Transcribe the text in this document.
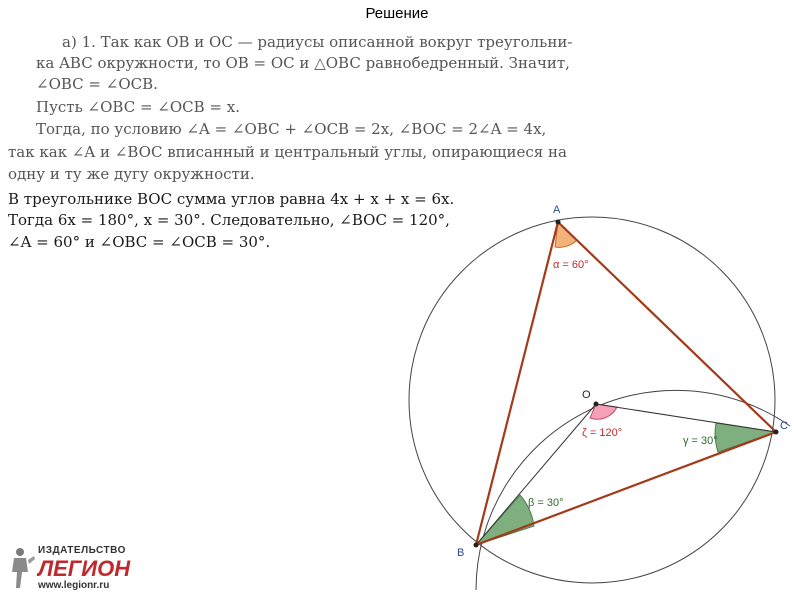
Решение
а) 1. Так как OB и OC — радиусы описанной вокруг треугольни-
ка ABC окружности, то OB = OC и △OBC равнобедренный. Значит,
∠OBC = ∠OCB.
Пусть ∠OBC = ∠OCB = x.
Тогда, по условию ∠A = ∠OBC + ∠OCB = 2x, ∠BOC = 2∠A = 4x,
так как ∠A и ∠BOC вписанный и центральный углы, опирающиеся на
одну и ту же дугу окружности.
В треугольнике BOC сумма углов равна 4x + x + x = 6x.
Тогда 6x = 180°, x = 30°. Следовательно, ∠BOC = 120°,
∠A = 60° и ∠OBC = ∠OCB = 30°.
A
B
C
O
α = 60°
ζ = 120°
β = 30°
γ = 30°
ИЗДАТЕЛЬСТВО
ЛЕГИОН
www.legionr.ru
